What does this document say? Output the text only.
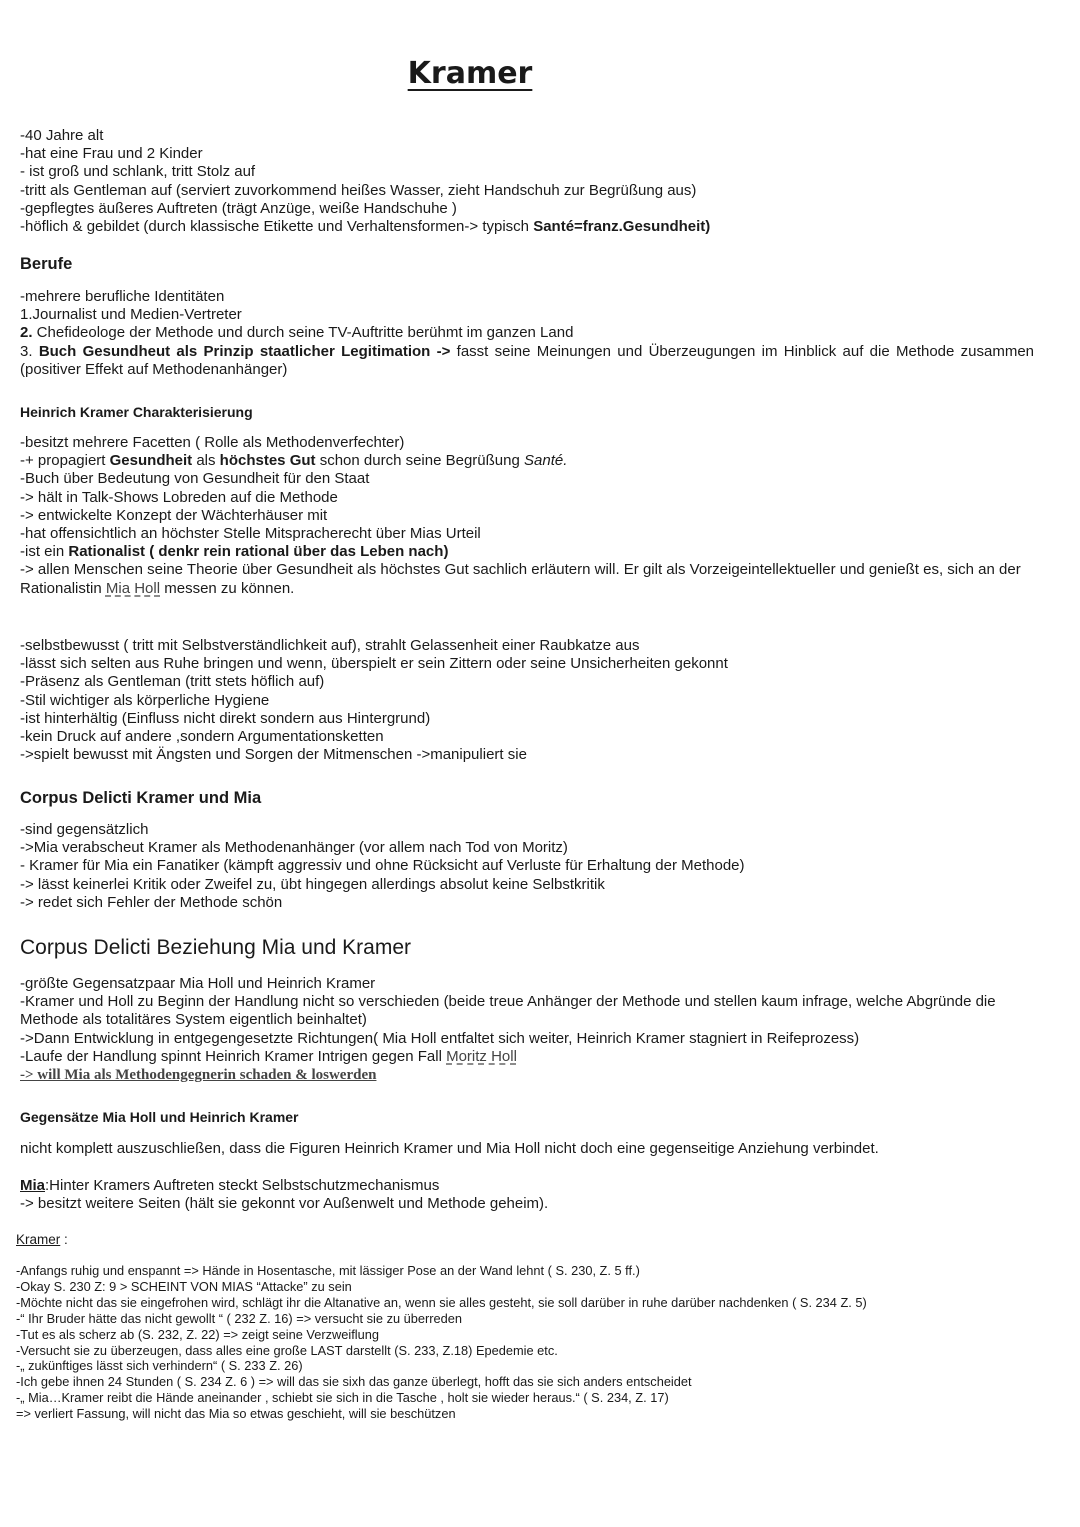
Kramer
-40 Jahre alt
-hat eine Frau und 2 Kinder
- ist groß und schlank, tritt Stolz auf
-tritt als Gentleman auf (serviert zuvorkommend heißes Wasser, zieht Handschuh zur Begrüßung aus)
-gepflegtes äußeres Auftreten (trägt Anzüge, weiße Handschuhe )
-höflich & gebildet (durch klassische Etikette und Verhaltensformen-> typisch Santé=franz.Gesundheit)
Berufe
-mehrere berufliche Identitäten
1.Journalist und Medien-Vertreter
2. Chefideologe der Methode und durch seine TV-Auftritte berühmt im ganzen Land
3. Buch Gesundheut als Prinzip staatlicher Legitimation -> fasst seine Meinungen und Überzeugungen im Hinblick auf die Methode zusammen (positiver Effekt auf Methodenanhänger)
Heinrich Kramer Charakterisierung
-besitzt mehrere Facetten ( Rolle als Methodenverfechter)
-+ propagiert Gesundheit als höchstes Gut schon durch seine Begrüßung Santé.
-Buch über Bedeutung von Gesundheit für den Staat
-> hält in Talk-Shows Lobreden auf die Methode
-> entwickelte Konzept der Wächterhäuser mit
-hat offensichtlich an höchster Stelle Mitspracherecht über Mias Urteil
-ist ein Rationalist ( denkr rein rational über das Leben nach)
-> allen Menschen seine Theorie über Gesundheit als höchstes Gut sachlich erläutern will. Er gilt als Vorzeigeintellektueller und genießt es, sich an der Rationalistin Mia Holl messen zu können.
-selbstbewusst ( tritt mit Selbstverständlichkeit auf), strahlt Gelassenheit einer Raubkatze aus
-lässt sich selten aus Ruhe bringen und wenn, überspielt er sein Zittern oder seine Unsicherheiten gekonnt
-Präsenz als Gentleman (tritt stets höflich auf)
-Stil wichtiger als körperliche Hygiene
-ist hinterhältig (Einfluss nicht direkt sondern aus Hintergrund)
-kein Druck auf andere ,sondern Argumentationsketten
->spielt bewusst mit Ängsten und Sorgen der Mitmenschen ->manipuliert sie
Corpus Delicti Kramer und Mia
-sind gegensätzlich
->Mia verabscheut Kramer als Methodenanhänger (vor allem nach Tod von Moritz)
- Kramer für Mia ein Fanatiker (kämpft aggressiv und ohne Rücksicht auf Verluste für Erhaltung der Methode)
-> lässt keinerlei Kritik oder Zweifel zu, übt hingegen allerdings absolut keine Selbstkritik
-> redet sich Fehler der Methode schön
Corpus Delicti Beziehung Mia und Kramer
-größte Gegensatzpaar Mia Holl und Heinrich Kramer
-Kramer und Holl zu Beginn der Handlung nicht so verschieden (beide treue Anhänger der Methode und stellen kaum infrage, welche Abgründe die Methode als totalitäres System eigentlich beinhaltet)
->Dann Entwicklung in entgegengesetzte Richtungen( Mia Holl entfaltet sich weiter, Heinrich Kramer stagniert in Reifeprozess)
-Laufe der Handlung spinnt Heinrich Kramer Intrigen gegen Fall Moritz Holl
-> will Mia als Methodengegnerin schaden & loswerden
Gegensätze Mia Holl und Heinrich Kramer
nicht komplett auszuschließen, dass die Figuren Heinrich Kramer und Mia Holl nicht doch eine gegenseitige Anziehung verbindet.
Mia:Hinter Kramers Auftreten steckt Selbstschutzmechanismus
-> besitzt weitere Seiten (hält sie gekonnt vor Außenwelt und Methode geheim).
Kramer :
-Anfangs ruhig und enspannt => Hände in Hosentasche, mit lässiger Pose an der Wand lehnt ( S. 230, Z. 5 ff.)
-Okay S. 230 Z: 9 > SCHEINT VON MIAS “Attacke” zu sein
-Möchte nicht das sie eingefrohen wird, schlägt ihr die Altanative an, wenn sie alles gesteht, sie soll darüber in ruhe darüber nachdenken ( S. 234 Z. 5)
-“ Ihr Bruder hätte das nicht gewollt “ ( 232 Z. 16) => versucht sie zu überreden
-Tut es als scherz ab (S. 232, Z. 22) => zeigt seine Verzweiflung
-Versucht sie zu überzeugen, dass alles eine große LAST darstellt (S. 233, Z.18) Epedemie etc.
-„ zukünftiges lässt sich verhindern“ ( S. 233 Z. 26)
-Ich gebe ihnen 24 Stunden ( S. 234 Z. 6 ) => will das sie sixh das ganze überlegt, hofft das sie sich anders entscheidet
-„ Mia…Kramer reibt die Hände aneinander , schiebt sie sich in die Tasche , holt sie wieder heraus.“ ( S. 234, Z. 17)
=> verliert Fassung, will nicht das Mia so etwas geschieht, will sie beschützen
